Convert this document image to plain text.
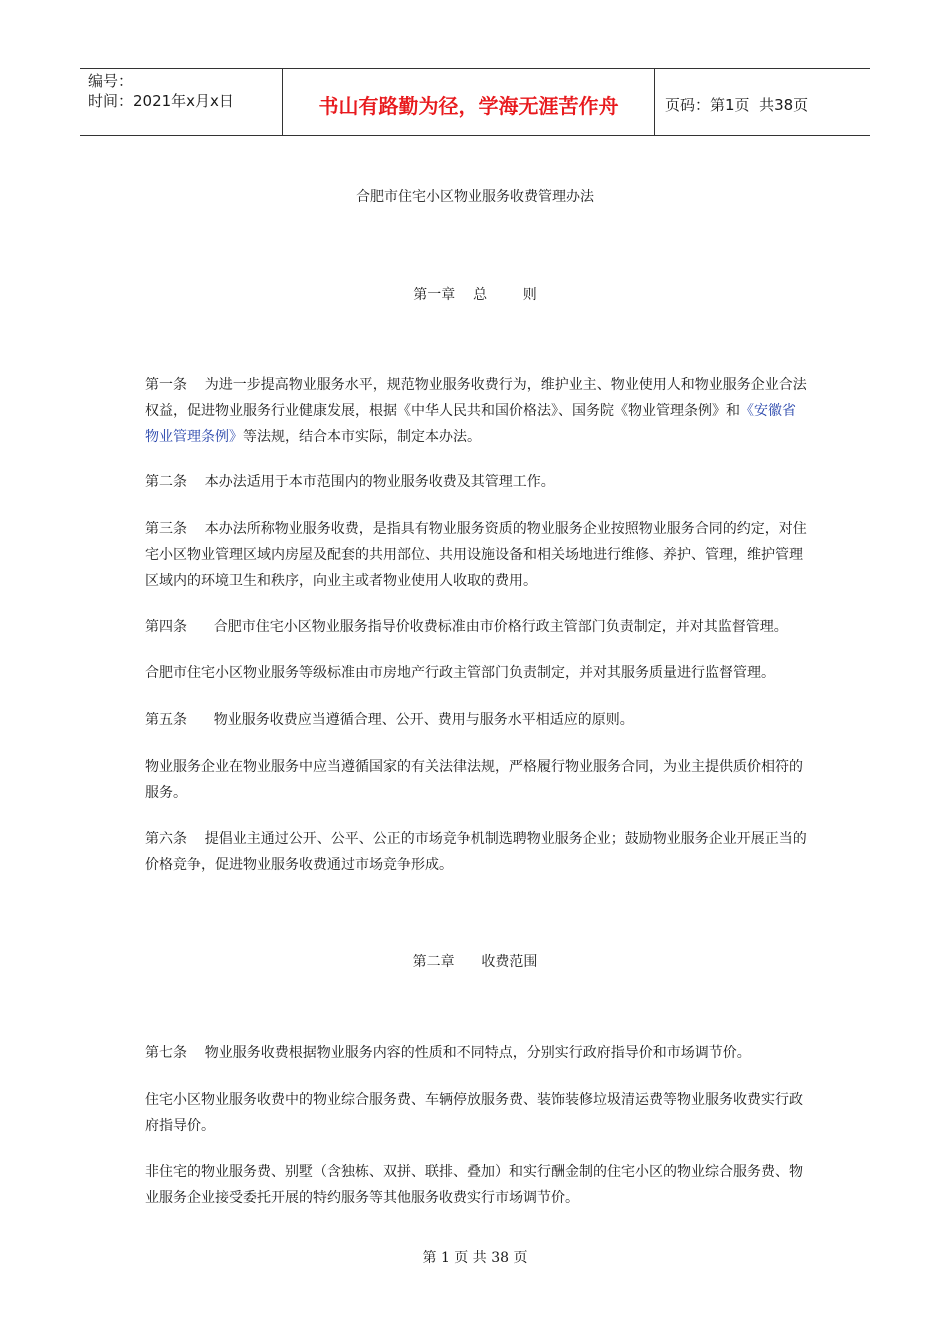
编号：
时间：2021年x月x日	书山有路勤为径，学海无涯苦作舟	页码：第1页  共38页
合肥市住宅小区物业服务收费管理办法
第一章    总        则
第一条    为进一步提高物业服务水平，规范物业服务收费行为，维护业主、物业使用人和物业服务企业合法权益，促进物业服务行业健康发展，根据《中华人民共和国价格法》、国务院《物业管理条例》和《安徽省物业管理条例》等法规，结合本市实际，制定本办法。
第二条    本办法适用于本市范围内的物业服务收费及其管理工作。
第三条    本办法所称物业服务收费，是指具有物业服务资质的物业服务企业按照物业服务合同的约定，对住宅小区物业管理区域内房屋及配套的共用部位、共用设施设备和相关场地进行维修、养护、管理，维护管理区域内的环境卫生和秩序，向业主或者物业使用人收取的费用。
第四条      合肥市住宅小区物业服务指导价收费标准由市价格行政主管部门负责制定，并对其监督管理。
合肥市住宅小区物业服务等级标准由市房地产行政主管部门负责制定，并对其服务质量进行监督管理。
第五条      物业服务收费应当遵循合理、公开、费用与服务水平相适应的原则。
物业服务企业在物业服务中应当遵循国家的有关法律法规，严格履行物业服务合同，为业主提供质价相符的服务。
第六条    提倡业主通过公开、公平、公正的市场竞争机制选聘物业服务企业；鼓励物业服务企业开展正当的价格竞争，促进物业服务收费通过市场竞争形成。
第二章      收费范围
第七条    物业服务收费根据物业服务内容的性质和不同特点，分别实行政府指导价和市场调节价。
住宅小区物业服务收费中的物业综合服务费、车辆停放服务费、装饰装修垃圾清运费等物业服务收费实行政府指导价。
非住宅的物业服务费、别墅（含独栋、双拼、联排、叠加）和实行酬金制的住宅小区的物业综合服务费、物业服务企业接受委托开展的特约服务等其他服务收费实行市场调节价。
第 1 页 共 38 页
